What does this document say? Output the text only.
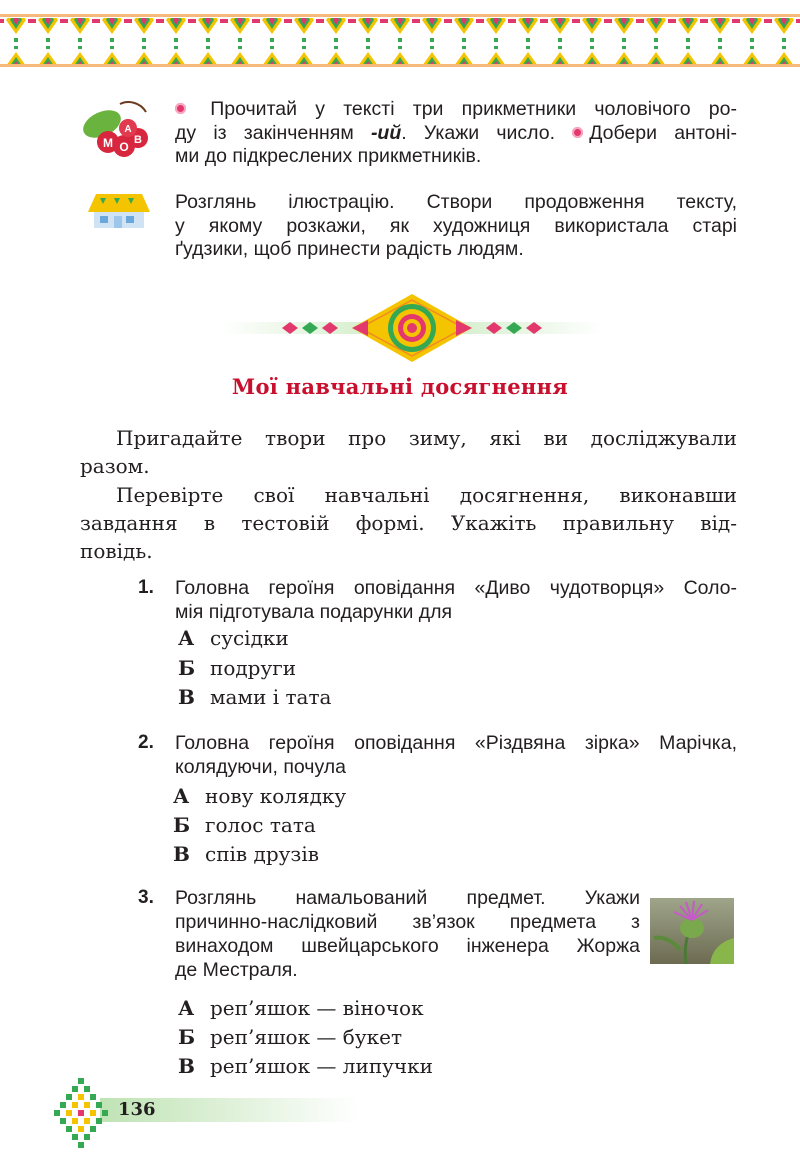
М О В
А
Прочитай у тексті три прикметники чоловічого ро-
ду із закінченням -ий. Укажи число. Добери антоні-
ми до підкреслених прикметників.
Розглянь ілюстрацію. Створи продовження тексту,
у якому розкажи, як художниця використала старі
ґудзики, щоб принести радість людям.
Мої навчальні досягнення
Пригадайте твори про зиму, які ви досліджували
разом.
Перевірте свої навчальні досягнення, виконавши
завдання в тестовій формі. Укажіть правильну від-
повідь.
1. Головна героїня оповідання «Диво чудотворця» Соло-
мія підготувала подарунки для
А сусідки
Б подруги
В мами і тата
2. Головна героїня оповідання «Різдвяна зірка» Марічка,
колядуючи, почула
А нову колядку
Б голос тата
В спів друзів
3. Розглянь намальований предмет. Укажи
причинно-наслідковий зв’язок предмета з
винаходом швейцарського інженера Жоржа
де Местраля.
А реп’яшок — віночок
Б реп’яшок — букет
В реп’яшок — липучки
136
